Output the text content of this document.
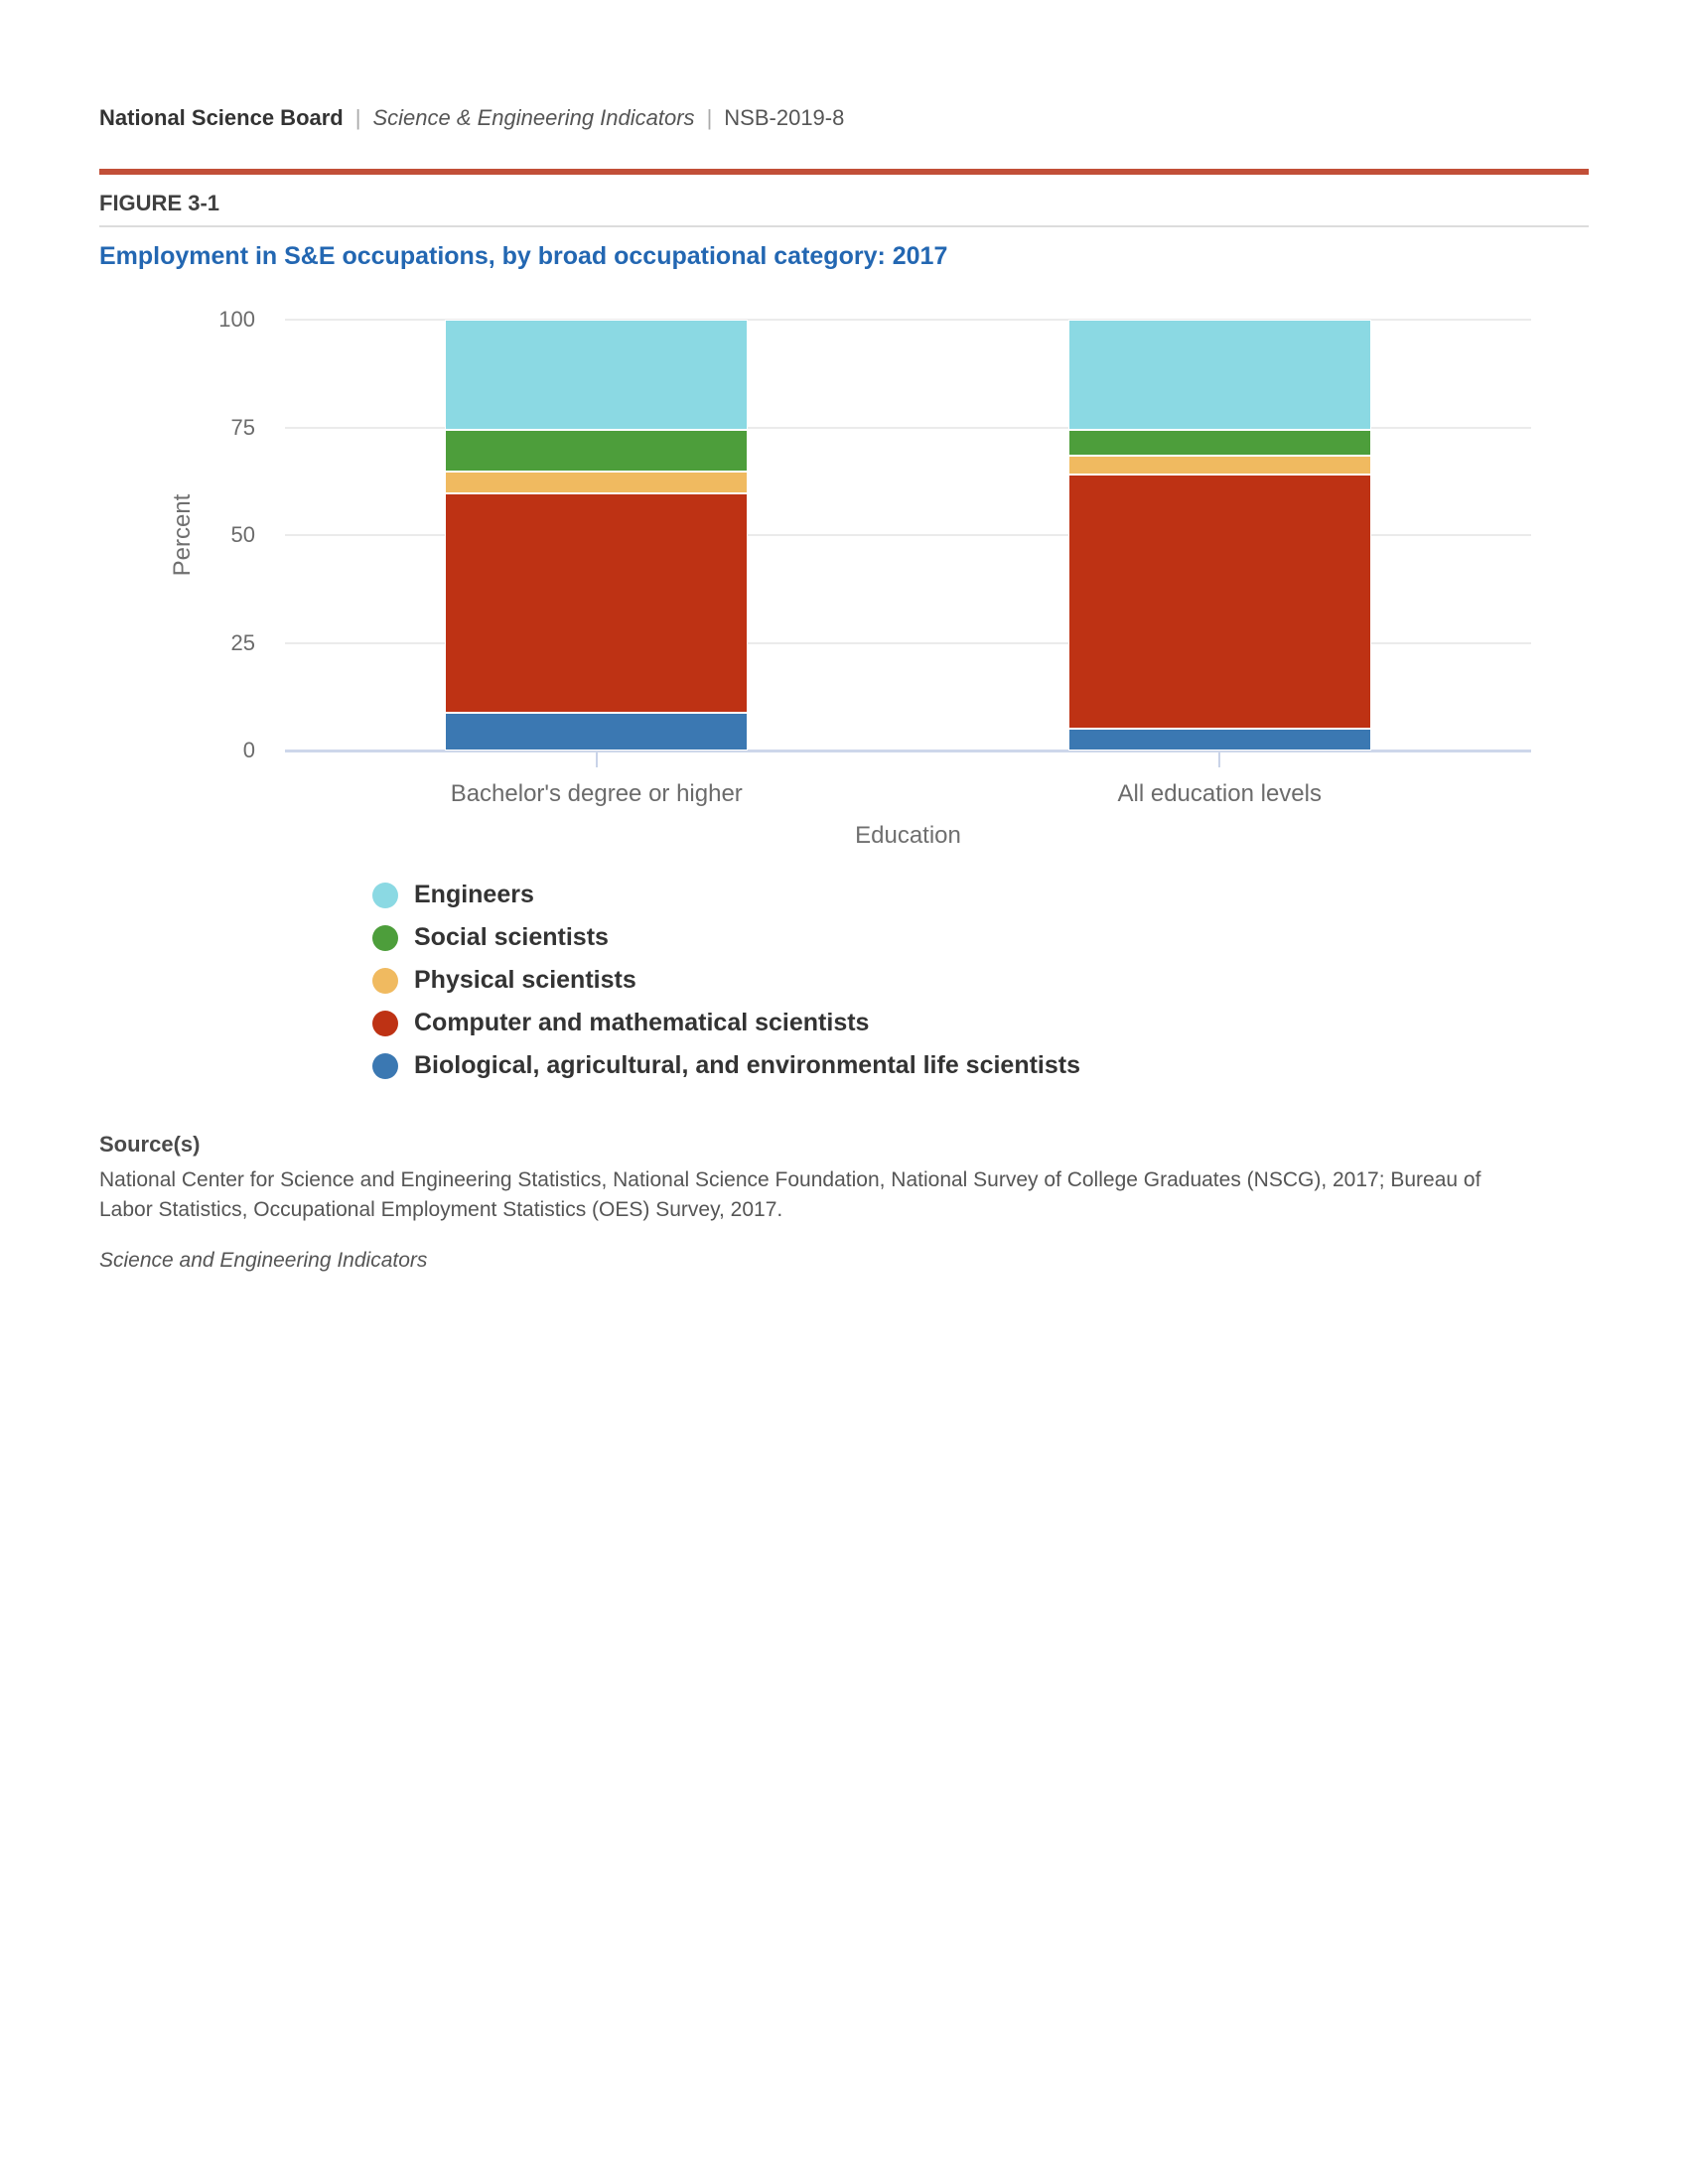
National Science Board | Science & Engineering Indicators | NSB-2019-8
FIGURE 3-1
Employment in S&E occupations, by broad occupational category: 2017
0
25
50
75
100
Percent
Education
Bachelor's degree or higher	All education levels
Engineers
Social scientists
Physical scientists
Computer and mathematical scientists
Biological, agricultural, and environmental life scientists
Source(s)
National Center for Science and Engineering Statistics, National Science Foundation, National Survey of College Graduates (NSCG), 2017; Bureau of
Labor Statistics, Occupational Employment Statistics (OES) Survey, 2017.
Science and Engineering Indicators
